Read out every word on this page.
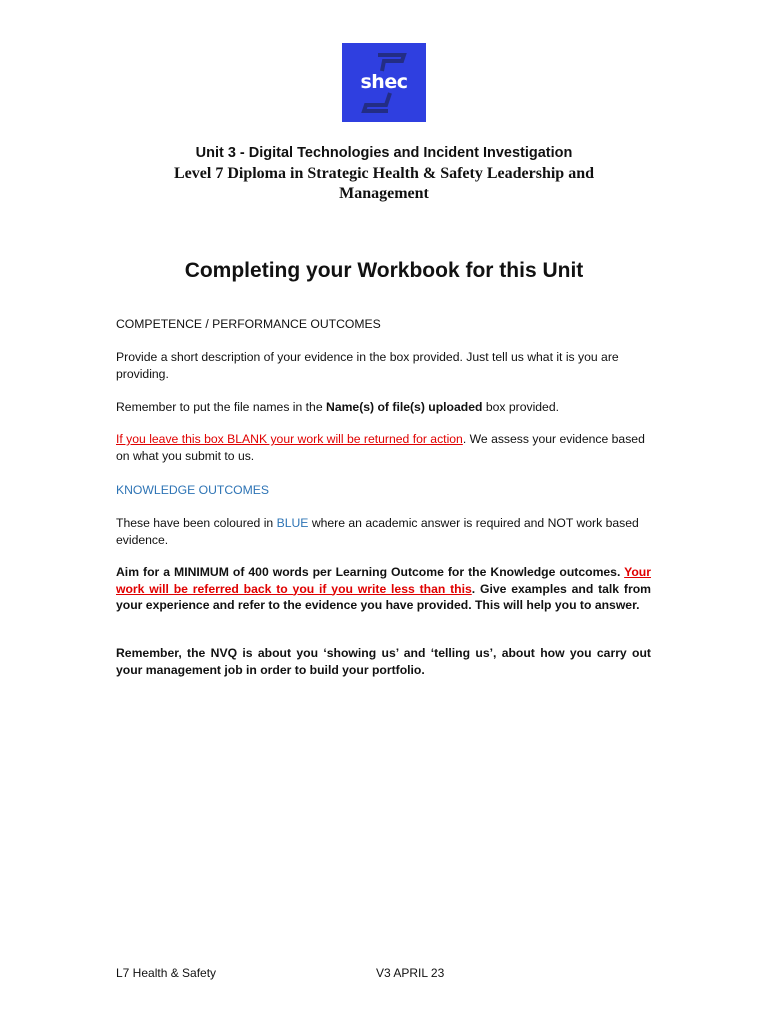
shec
Unit 3 - Digital Technologies and Incident Investigation
Level 7 Diploma in Strategic Health & Safety Leadership and Management
Completing your Workbook for this Unit
COMPETENCE / PERFORMANCE OUTCOMES
Provide a short description of your evidence in the box provided. Just tell us what it is you are providing.
Remember to put the file names in the Name(s) of file(s) uploaded box provided.
If you leave this box BLANK your work will be returned for action. We assess your evidence based on what you submit to us.
KNOWLEDGE OUTCOMES
These have been coloured in BLUE where an academic answer is required and NOT work based evidence.
Aim for a MINIMUM of 400 words per Learning Outcome for the Knowledge outcomes. Your work will be referred back to you if you write less than this. Give examples and talk from your experience and refer to the evidence you have provided. This will help you to answer.
Remember, the NVQ is about you ‘showing us’ and ‘telling us’, about how you carry out your management job in order to build your portfolio.
L7 Health & Safety	V3 APRIL 23
